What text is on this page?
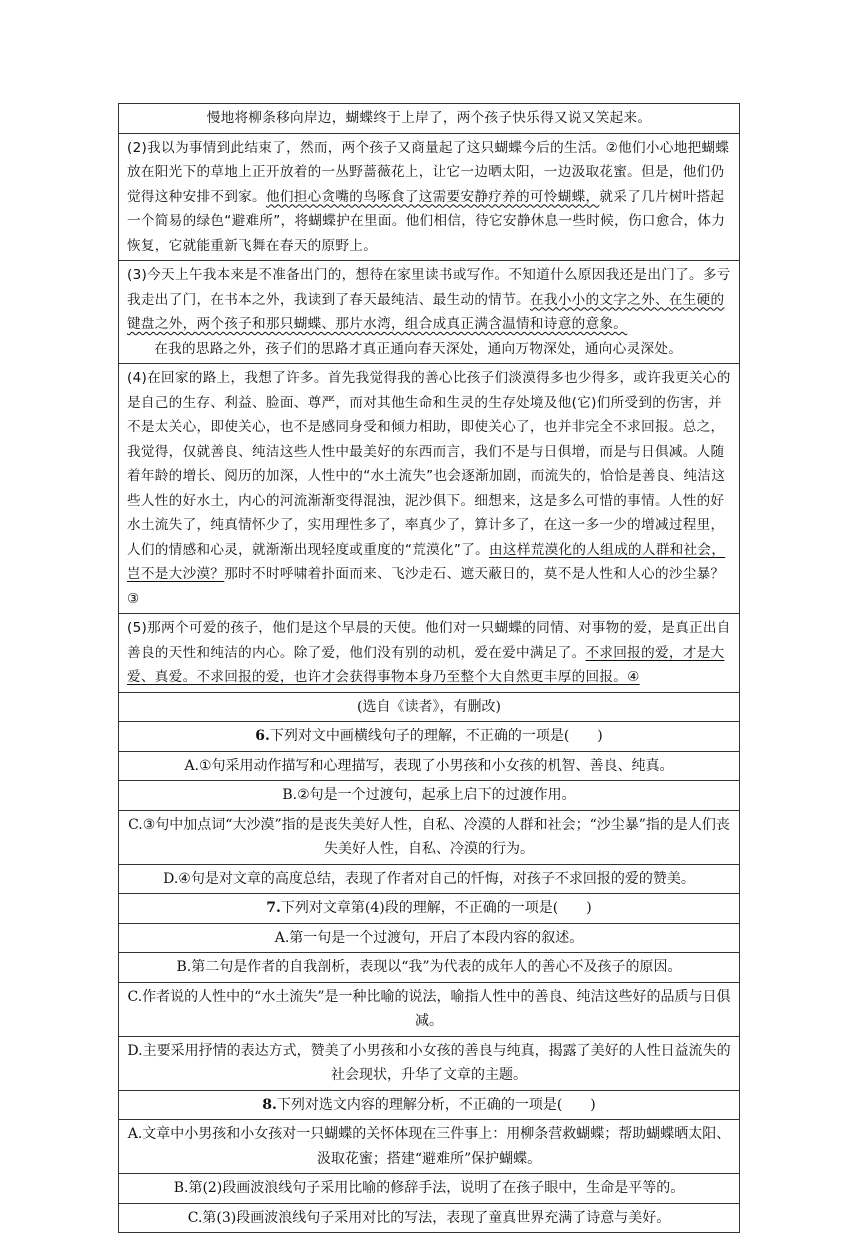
慢地将柳条移向岸边，蝴蝶终于上岸了，两个孩子快乐得又说又笑起来。
(2)我以为事情到此结束了，然而，两个孩子又商量起了这只蝴蝶今后的生活。②他们小心地把蝴蝶放在阳光下的草地上正开放着的一丛野蔷薇花上，让它一边晒太阳，一边汲取花蜜。但是，他们仍觉得这种安排不到家。他们担心贪嘴的鸟啄食了这需要安静疗养的可怜蝴蝶，就采了几片树叶搭起一个简易的绿色“避难所”，将蝴蝶护在里面。他们相信，待它安静休息一些时候，伤口愈合，体力恢复，它就能重新飞舞在春天的原野上。
(3)今天上午我本来是不准备出门的，想待在家里读书或写作。不知道什么原因我还是出门了。多亏我走出了门，在书本之外，我读到了春天最纯洁、最生动的情节。在我小小的文字之外、在生硬的键盘之外，两个孩子和那只蝴蝶、那片水湾，组合成真正满含温情和诗意的意象。
在我的思路之外，孩子们的思路才真正通向春天深处，通向万物深处，通向心灵深处。
(4)在回家的路上，我想了许多。首先我觉得我的善心比孩子们淡漠得多也少得多，或许我更关心的是自己的生存、利益、脸面、尊严，而对其他生命和生灵的生存处境及他(它)们所受到的伤害，并不是太关心，即使关心，也不是感同身受和倾力相助，即使关心了，也并非完全不求回报。总之，我觉得，仅就善良、纯洁这些人性中最美好的东西而言，我们不是与日俱增，而是与日俱减。人随着年龄的增长、阅历的加深，人性中的“水土流失”也会逐渐加剧，而流失的，恰恰是善良、纯洁这些人性的好水土，内心的河流渐渐变得混浊，泥沙俱下。细想来，这是多么可惜的事情。人性的好水土流失了，纯真情怀少了，实用理性多了，率真少了，算计多了，在这一多一少的增减过程里，人们的情感和心灵，就渐渐出现轻度或重度的“荒漠化”了。由这样荒漠化的人组成的人群和社会，岂不是大沙漠？那时不时呼啸着扑面而来、飞沙走石、遮天蔽日的，莫不是人性和人心的沙尘暴？③
(5)那两个可爱的孩子，他们是这个早晨的天使。他们对一只蝴蝶的同情、对事物的爱，是真正出自善良的天性和纯洁的内心。除了爱，他们没有别的动机，爱在爱中满足了。不求回报的爱，才是大爱、真爱。不求回报的爱，也许才会获得事物本身乃至整个大自然更丰厚的回报。④
(选自《读者》，有删改)
6.下列对文中画横线句子的理解，不正确的一项是(　　)
A.①句采用动作描写和心理描写，表现了小男孩和小女孩的机智、善良、纯真。
B.②句是一个过渡句，起承上启下的过渡作用。
C.③句中加点词“大沙漠”指的是丧失美好人性，自私、冷漠的人群和社会；“沙尘暴”指的是人们丧失美好人性，自私、冷漠的行为。
D.④句是对文章的高度总结，表现了作者对自己的忏悔，对孩子不求回报的爱的赞美。
7.下列对文章第(4)段的理解，不正确的一项是(　　)
A.第一句是一个过渡句，开启了本段内容的叙述。
B.第二句是作者的自我剖析，表现以“我”为代表的成年人的善心不及孩子的原因。
C.作者说的人性中的“水土流失”是一种比喻的说法，喻指人性中的善良、纯洁这些好的品质与日俱减。
D.主要采用抒情的表达方式，赞美了小男孩和小女孩的善良与纯真，揭露了美好的人性日益流失的社会现状，升华了文章的主题。
8.下列对选文内容的理解分析，不正确的一项是(　　)
A.文章中小男孩和小女孩对一只蝴蝶的关怀体现在三件事上：用柳条营救蝴蝶；帮助蝴蝶晒太阳、汲取花蜜；搭建“避难所”保护蝴蝶。
B.第(2)段画波浪线句子采用比喻的修辞手法，说明了在孩子眼中，生命是平等的。
C.第(3)段画波浪线句子采用对比的写法，表现了童真世界充满了诗意与美好。
